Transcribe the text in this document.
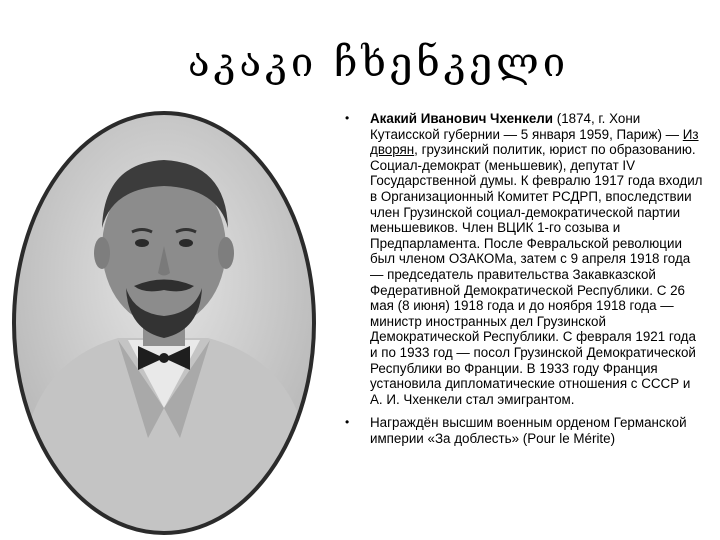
აკაკი ჩხენკელი
• Акакий Иванович Чхенкели (1874, г. Хони Кутаисской губернии — 5 января 1959, Париж) — Из дворян, грузинский политик, юрист по образованию. Социал-демократ (меньшевик), депутат IV Государственной думы. К февралю 1917 года входил в Организационный Комитет РСДРП, впоследствии член Грузинской социал-демократической партии меньшевиков. Член ВЦИК 1-го созыва и Предпарламента. После Февральской революции был членом ОЗАКОМа, затем с 9 апреля 1918 года — председатель правительства Закавказской Федеративной Демократической Республики. С 26 мая (8 июня) 1918 года и до ноября 1918 года — министр иностранных дел Грузинской Демократической Республики. С февраля 1921 года и по 1933 год — посол Грузинской Демократической Республики во Франции. В 1933 году Франция установила дипломатические отношения с СССР и А. И. Чхенкели стал эмигрантом.
• Награждён высшим военным орденом Германской империи «За доблесть» (Pour le Mérite)
